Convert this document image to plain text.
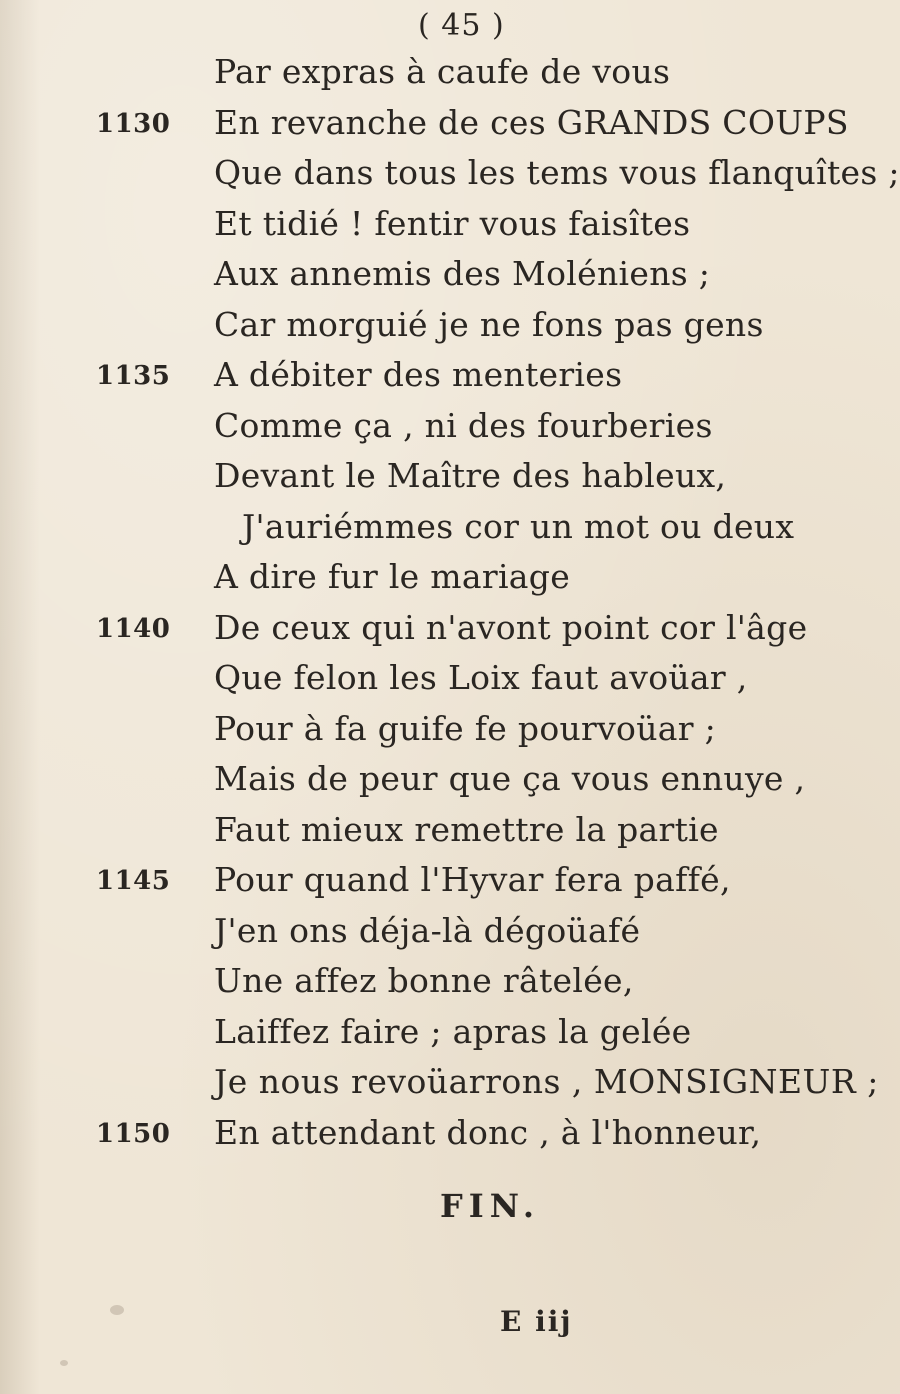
( 45 )
Par expras à caufe de vous
1130 En revanche de ces GRANDS COUPS
Que dans tous les tems vous flanquîtes ;
Et tidié ! fentir vous faisîtes
Aux annemis des Moléniens ;
Car morguié je ne fons pas gens
1135 A débiter des menteries
Comme ça , ni des fourberies
Devant le Maître des hableux,
J'auriémmes cor un mot ou deux
A dire fur le mariage
1140 De ceux qui n'avont point cor l'âge
Que felon les Loix faut avoüar ,
Pour à fa guife fe pourvoüar ;
Mais de peur que ça vous ennuye ,
Faut mieux remettre la partie
1145 Pour quand l'Hyvar fera paffé,
J'en ons déja-là dégoüafé
Une affez bonne râtelée,
Laiffez faire ; apras la gelée
Je nous revoüarrons , MONSIGNEUR ;
1150 En attendant donc , à l'honneur,
FIN.
E iij
